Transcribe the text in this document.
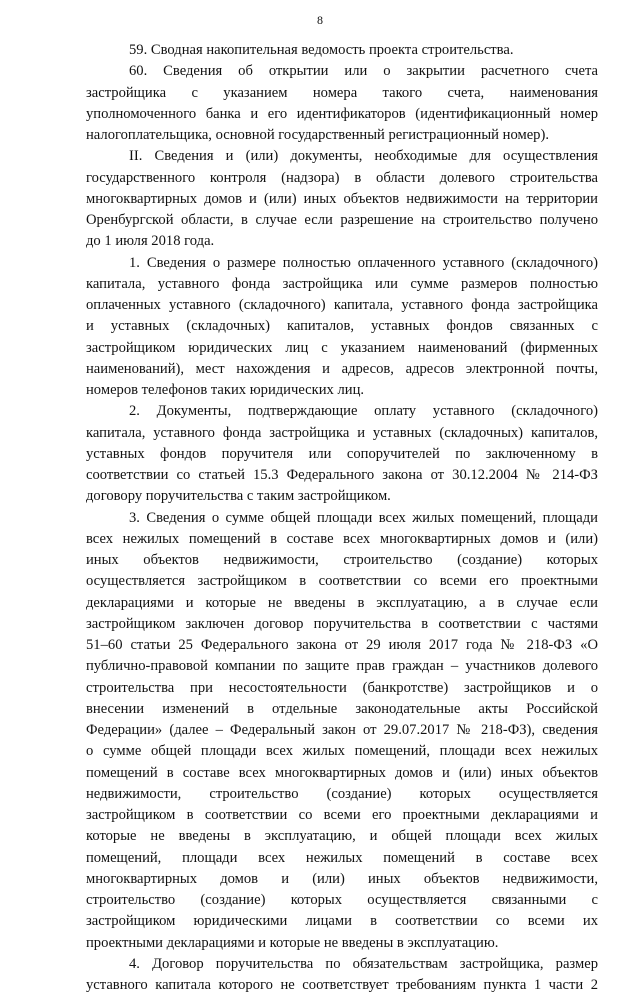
8
59. Сводная накопительная ведомость проекта строительства.
60. Сведения об открытии или о закрытии расчетного счета
застройщика с указанием номера такого счета, наименования
уполномоченного банка и его идентификаторов (идентификационный номер
налогоплательщика, основной государственный регистрационный номер).
II. Сведения и (или) документы, необходимые для осуществления
государственного контроля (надзора) в области долевого строительства
многоквартирных домов и (или) иных объектов недвижимости на территории
Оренбургской области, в случае если разрешение на строительство получено
до 1 июля 2018 года.
1. Сведения о размере полностью оплаченного уставного (складочного)
капитала, уставного фонда застройщика или сумме размеров полностью
оплаченных уставного (складочного) капитала, уставного фонда застройщика
и уставных (складочных) капиталов, уставных фондов связанных с
застройщиком юридических лиц с указанием наименований (фирменных
наименований), мест нахождения и адресов, адресов электронной почты,
номеров телефонов таких юридических лиц.
2. Документы, подтверждающие оплату уставного (складочного)
капитала, уставного фонда застройщика и уставных (складочных) капиталов,
уставных фондов поручителя или сопоручителей по заключенному в
соответствии со статьей 15.3 Федерального закона от 30.12.2004 № 214-ФЗ
договору поручительства с таким застройщиком.
3. Сведения о сумме общей площади всех жилых помещений, площади
всех нежилых помещений в составе всех многоквартирных домов и (или)
иных объектов недвижимости, строительство (создание) которых
осуществляется застройщиком в соответствии со всеми его проектными
декларациями и которые не введены в эксплуатацию, а в случае если
застройщиком заключен договор поручительства в соответствии с частями
51–60 статьи 25 Федерального закона от 29 июля 2017 года № 218-ФЗ «О
публично-правовой компании по защите прав граждан – участников долевого
строительства при несостоятельности (банкротстве) застройщиков и о
внесении изменений в отдельные законодательные акты Российской
Федерации» (далее – Федеральный закон от 29.07.2017 № 218-ФЗ), сведения
о сумме общей площади всех жилых помещений, площади всех нежилых
помещений в составе всех многоквартирных домов и (или) иных объектов
недвижимости, строительство (создание) которых осуществляется
застройщиком в соответствии со всеми его проектными декларациями и
которые не введены в эксплуатацию, и общей площади всех жилых
помещений, площади всех нежилых помещений в составе всех
многоквартирных домов и (или) иных объектов недвижимости,
строительство (создание) которых осуществляется связанными с
застройщиком юридическими лицами в соответствии со всеми их
проектными декларациями и которые не введены в эксплуатацию.
4. Договор поручительства по обязательствам застройщика, размер
уставного капитала которого не соответствует требованиям пункта 1 части 2
